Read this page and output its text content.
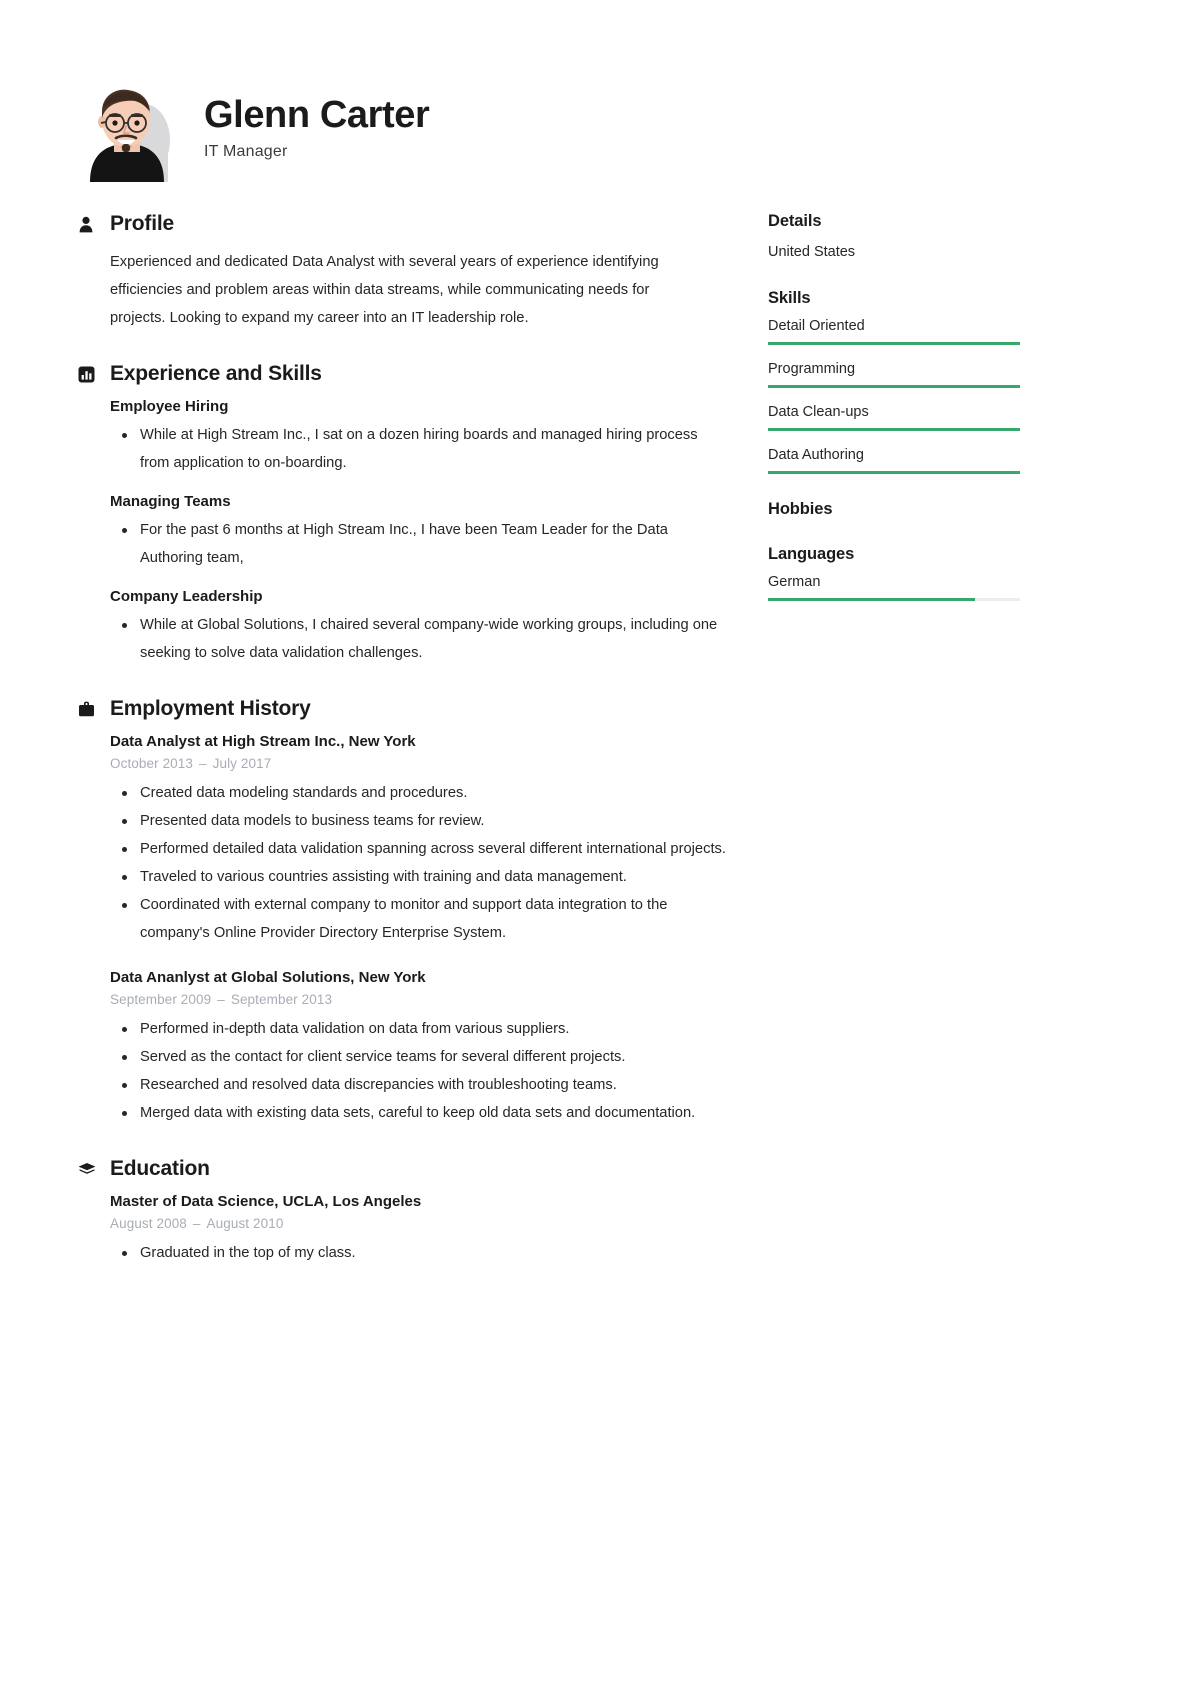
Glenn Carter
IT Manager
Profile
Experienced and dedicated Data Analyst with several years of experience identifying efficiencies and problem areas within data streams, while communicating needs for projects. Looking to expand my career into an IT leadership role.
Experience and Skills
Employee Hiring
While at High Stream Inc., I sat on a dozen hiring boards and managed hiring process from application to on-boarding.
Managing Teams
For the past 6 months at High Stream Inc., I have been Team Leader for the Data Authoring team,
Company Leadership
While at Global Solutions, I chaired several company-wide working groups, including one seeking to solve data validation challenges.
Employment History
Data Analyst at High Stream Inc., New York
October 2013 – July 2017
Created data modeling standards and procedures.
Presented data models to business teams for review.
Performed detailed data validation spanning across several different international projects.
Traveled to various countries assisting with training and data management.
Coordinated with external company to monitor and support data integration to the company's Online Provider Directory Enterprise System.
Data Ananlyst at Global Solutions, New York
September 2009 – September 2013
Performed in-depth data validation on data from various suppliers.
Served as the contact for client service teams for several different projects.
Researched and resolved data discrepancies with troubleshooting teams.
Merged data with existing data sets, careful to keep old data sets and documentation.
Education
Master of Data Science, UCLA, Los Angeles
August 2008 – August 2010
Graduated in the top of my class.
Details
United States
Skills
Detail Oriented
Programming
Data Clean-ups
Data Authoring
Hobbies
Languages
German
